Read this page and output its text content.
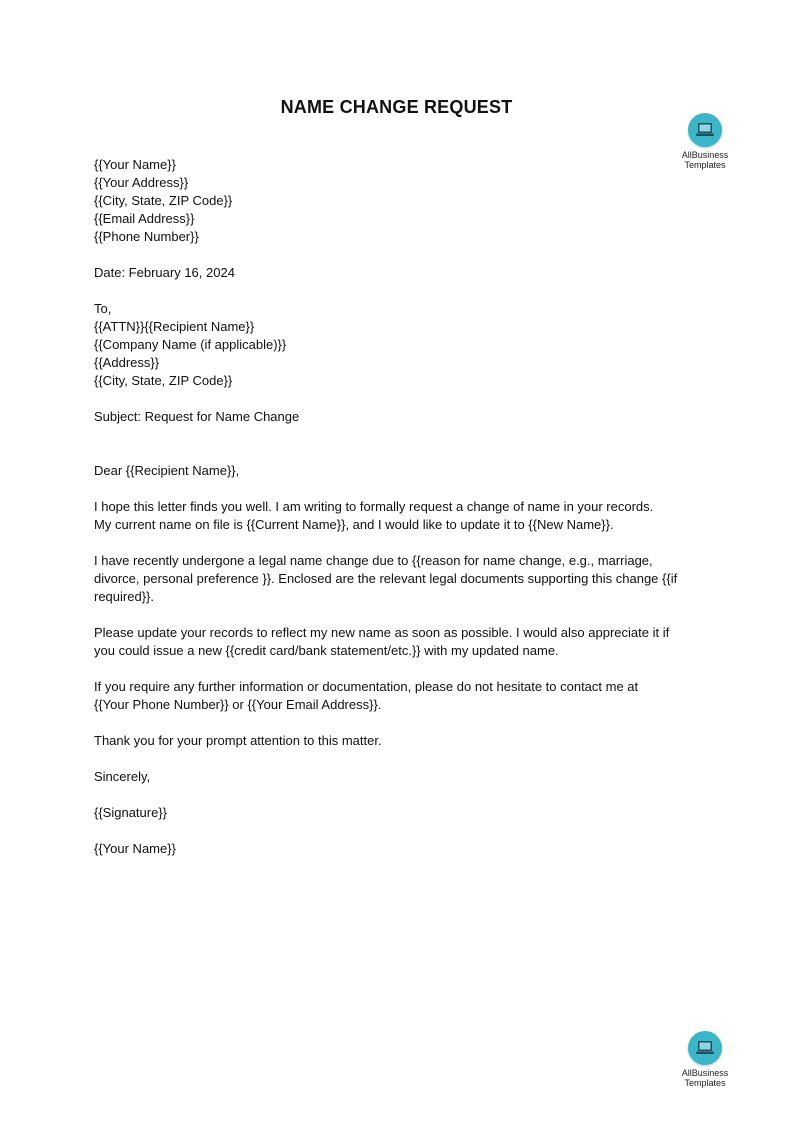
NAME CHANGE REQUEST
AllBusiness
Templates
AllBusiness
Templates
{{Your Name}}
{{Your Address}}
{{City, State, ZIP Code}}
{{Email Address}}
{{Phone Number}}
Date: February 16, 2024
To,
{{ATTN}}{{Recipient Name}}
{{Company Name (if applicable)}}
{{Address}}
{{City, State, ZIP Code}}
Subject: Request for Name Change
Dear {{Recipient Name}},
I hope this letter finds you well. I am writing to formally request a change of name in your records.
My current name on file is {{Current Name}}, and I would like to update it to {{New Name}}.
I have recently undergone a legal name change due to {{reason for name change, e.g., marriage,
divorce, personal preference }}. Enclosed are the relevant legal documents supporting this change {{if
required}}.
Please update your records to reflect my new name as soon as possible. I would also appreciate it if
you could issue a new {{credit card/bank statement/etc.}} with my updated name.
If you require any further information or documentation, please do not hesitate to contact me at
{{Your Phone Number}} or {{Your Email Address}}.
Thank you for your prompt attention to this matter.
Sincerely,
{{Signature}}
{{Your Name}}
